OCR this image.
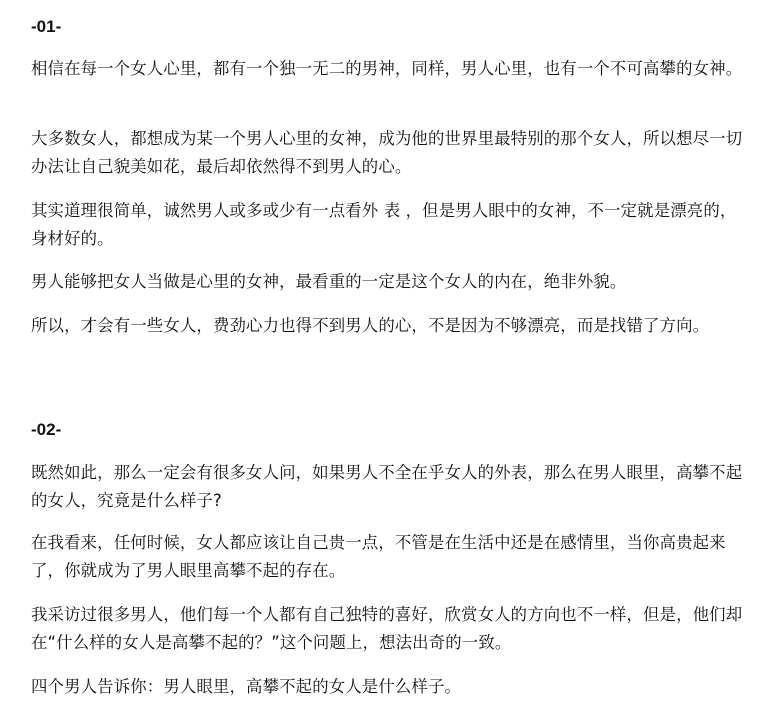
-01-

相信在每一个女人心里，都有一个独一无二的男神，同样，男人心里，也有一个不可高攀的女神。

大多数女人，都想成为某一个男人心里的女神，成为他的世界里最特别的那个女人，所以想尽一切办法让自己貌美如花，最后却依然得不到男人的心。

其实道理很简单，诚然男人或多或少有一点看外 表 ，但是男人眼中的女神，不一定就是漂亮的，身材好的。

男人能够把女人当做是心里的女神，最看重的一定是这个女人的内在，绝非外貌。

所以，才会有一些女人，费劲心力也得不到男人的心，不是因为不够漂亮，而是找错了方向。

-02-

既然如此，那么一定会有很多女人问，如果男人不全在乎女人的外表，那么在男人眼里，高攀不起的女人，究竟是什么样子?

在我看来，任何时候，女人都应该让自己贵一点，不管是在生活中还是在感情里，当你高贵起来了，你就成为了男人眼里高攀不起的存在。

我采访过很多男人，他们每一个人都有自己独特的喜好，欣赏女人的方向也不一样，但是，他们却在“什么样的女人是高攀不起的？”这个问题上，想法出奇的一致。

四个男人告诉你：男人眼里，高攀不起的女人是什么样子。
